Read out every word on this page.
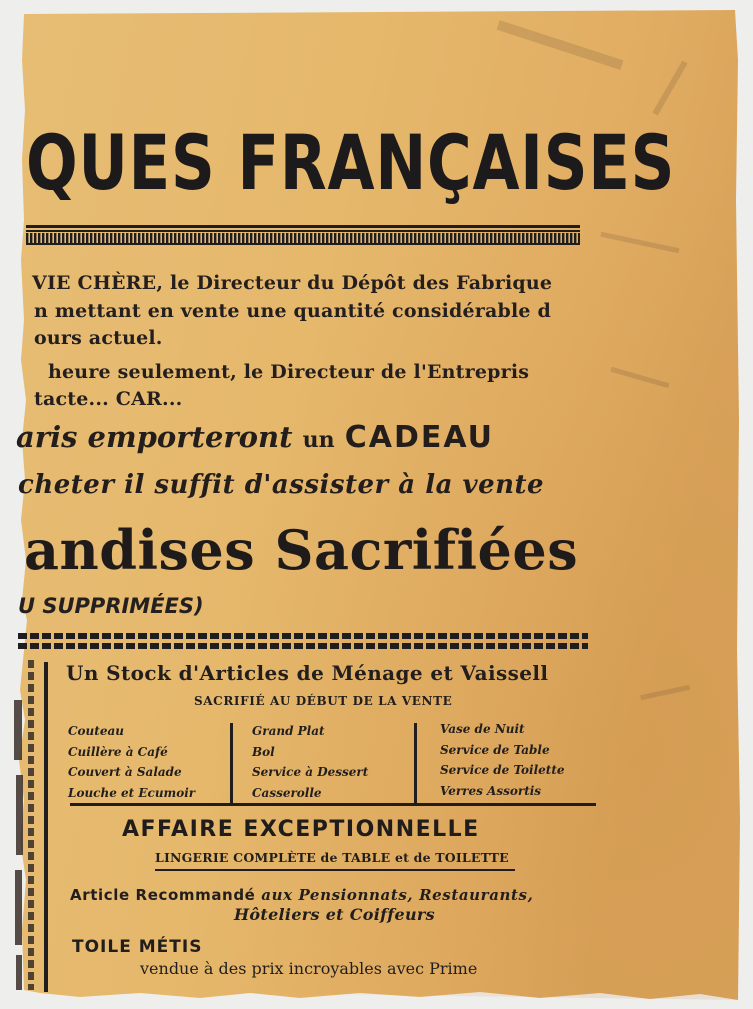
QUES FRANÇAISES
VIE CHÈRE, le Directeur du Dépôt des Fabrique
n mettant en vente une quantité considérable d
ours actuel.
heure seulement, le Directeur de l'Entrepris
tacte... CAR...
aris emporteront un CADEAU
cheter il suffit d'assister à la vente
andises Sacrifiées
U SUPPRIMÉES)
Un Stock d'Articles de Ménage et Vaissell
SACRIFIÉ AU DÉBUT DE LA VENTE
Couteau
Cuillère à Café
Couvert à Salade
Louche et Ecumoir
Grand Plat
Bol
Service à Dessert
Casserolle
Vase de Nuit
Service de Table
Service de Toilette
Verres Assortis
AFFAIRE EXCEPTIONNELLE
LINGERIE COMPLÈTE de TABLE et de TOILETTE
Article Recommandé aux Pensionnats, Restaurants,
Hôteliers et Coiffeurs
TOILE MÉTIS
vendue à des prix incroyables avec Prime
